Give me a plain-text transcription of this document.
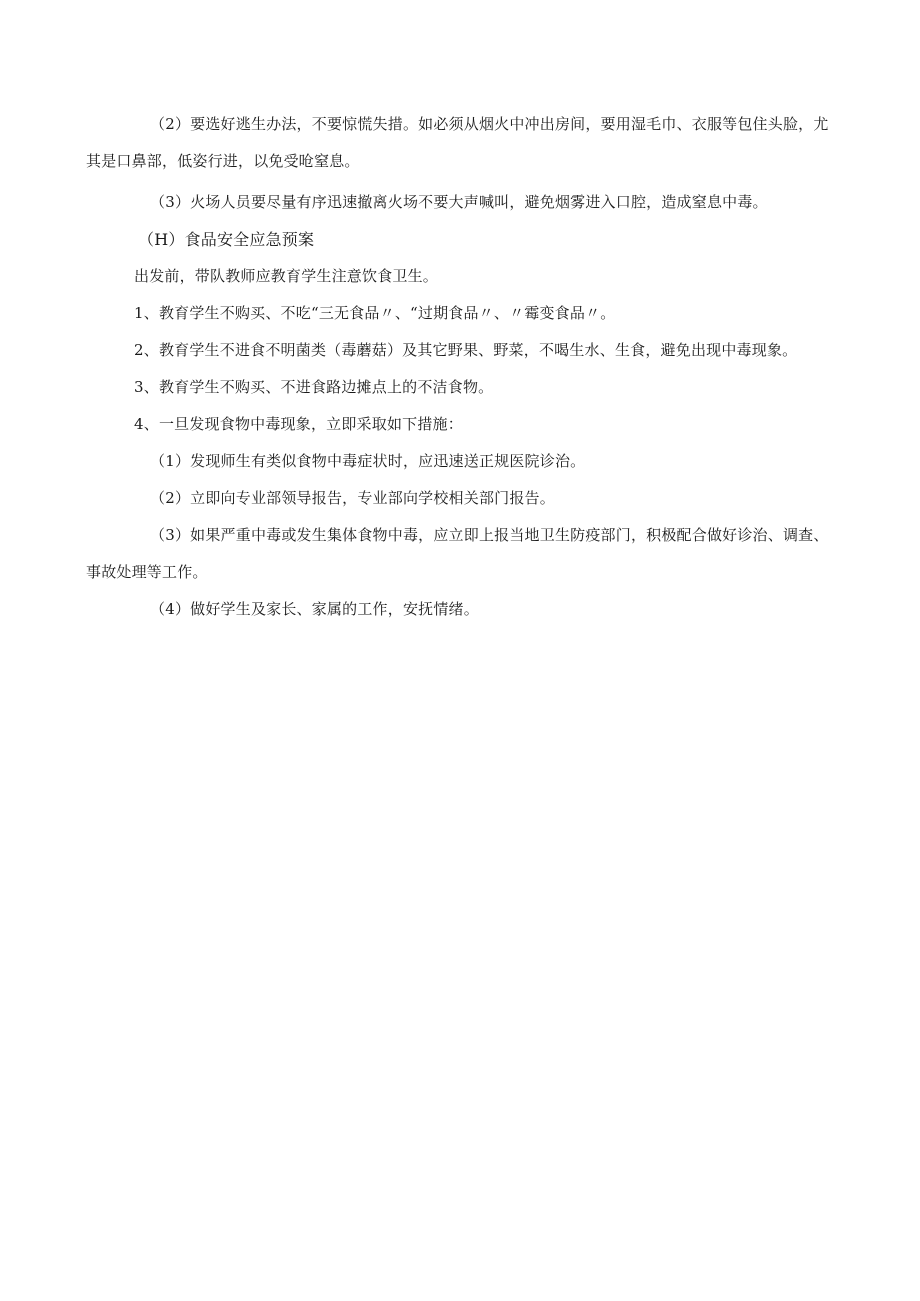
（2）要选好逃生办法，不要惊慌失措。如必须从烟火中冲出房间，要用湿毛巾、衣服等包住头脸，尤其是口鼻部，低姿行进，以免受呛窒息。

（3）火场人员要尽量有序迅速撤离火场不要大声喊叫，避免烟雾进入口腔，造成窒息中毒。

（H）食品安全应急预案

出发前，带队教师应教育学生注意饮食卫生。

1、教育学生不购买、不吃“三无食品〃、“过期食品〃、〃霉变食品〃。

2、教育学生不进食不明菌类（毒蘑菇）及其它野果、野菜，不喝生水、生食，避免出现中毒现象。

3、教育学生不购买、不进食路边摊点上的不洁食物。

4、一旦发现食物中毒现象，立即采取如下措施：

（1）发现师生有类似食物中毒症状时，应迅速送正规医院诊治。

（2）立即向专业部领导报告，专业部向学校相关部门报告。

（3）如果严重中毒或发生集体食物中毒，应立即上报当地卫生防疫部门，积极配合做好诊治、调查、事故处理等工作。

（4）做好学生及家长、家属的工作，安抚情绪。
